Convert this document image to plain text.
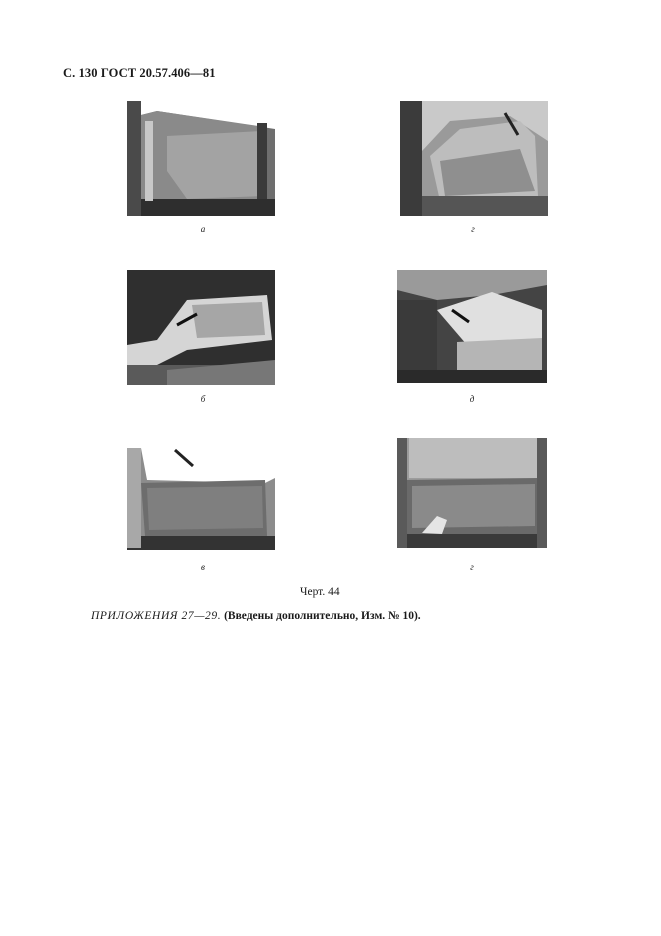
С. 130 ГОСТ 20.57.406—81
а	г
б	д
в	г
Черт. 44
ПРИЛОЖЕНИЯ 27—29. (Введены дополнительно, Изм. № 10).
